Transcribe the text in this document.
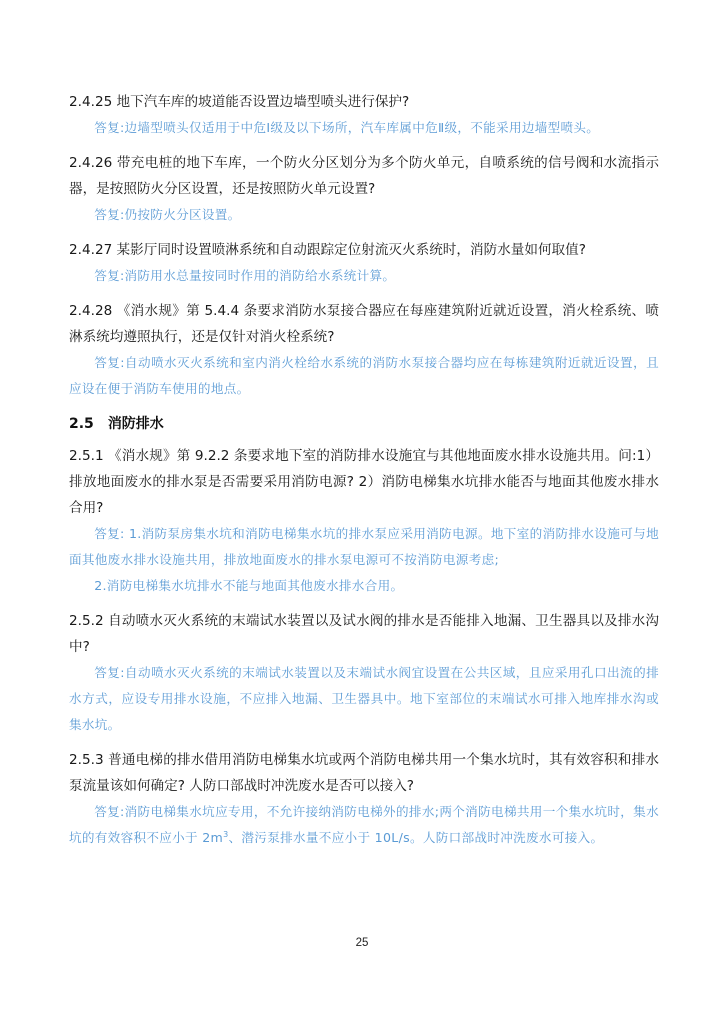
2.4.25 地下汽车库的坡道能否设置边墙型喷头进行保护?

答复:边墙型喷头仅适用于中危Ⅰ级及以下场所，汽车库属中危Ⅱ级，不能采用边墙型喷头。

2.4.26 带充电桩的地下车库，一个防火分区划分为多个防火单元，自喷系统的信号阀和水流指示器，是按照防火分区设置，还是按照防火单元设置?

答复:仍按防火分区设置。

2.4.27 某影厅同时设置喷淋系统和自动跟踪定位射流灭火系统时，消防水量如何取值?

答复:消防用水总量按同时作用的消防给水系统计算。

2.4.28 《消水规》第 5.4.4 条要求消防水泵接合器应在每座建筑附近就近设置，消火栓系统、喷淋系统均遵照执行，还是仅针对消火栓系统?

答复:自动喷水灭火系统和室内消火栓给水系统的消防水泵接合器均应在每栋建筑附近就近设置，且应设在便于消防车使用的地点。

2.5 消防排水

2.5.1 《消水规》第 9.2.2 条要求地下室的消防排水设施宜与其他地面废水排水设施共用。问:1）排放地面废水的排水泵是否需要采用消防电源? 2）消防电梯集水坑排水能否与地面其他废水排水合用?

答复: 1.消防泵房集水坑和消防电梯集水坑的排水泵应采用消防电源。地下室的消防排水设施可与地面其他废水排水设施共用，排放地面废水的排水泵电源可不按消防电源考虑;

2.消防电梯集水坑排水不能与地面其他废水排水合用。

2.5.2 自动喷水灭火系统的末端试水装置以及试水阀的排水是否能排入地漏、卫生器具以及排水沟中?

答复:自动喷水灭火系统的末端试水装置以及末端试水阀宜设置在公共区域，且应采用孔口出流的排水方式，应设专用排水设施，不应排入地漏、卫生器具中。地下室部位的末端试水可排入地库排水沟或集水坑。

2.5.3 普通电梯的排水借用消防电梯集水坑或两个消防电梯共用一个集水坑时，其有效容积和排水泵流量该如何确定? 人防口部战时冲洗废水是否可以接入?

答复:消防电梯集水坑应专用，不允许接纳消防电梯外的排水;两个消防电梯共用一个集水坑时，集水坑的有效容积不应小于 $2m^3$、潜污泵排水量不应小于 10L/s。人防口部战时冲洗废水可接入。

25
